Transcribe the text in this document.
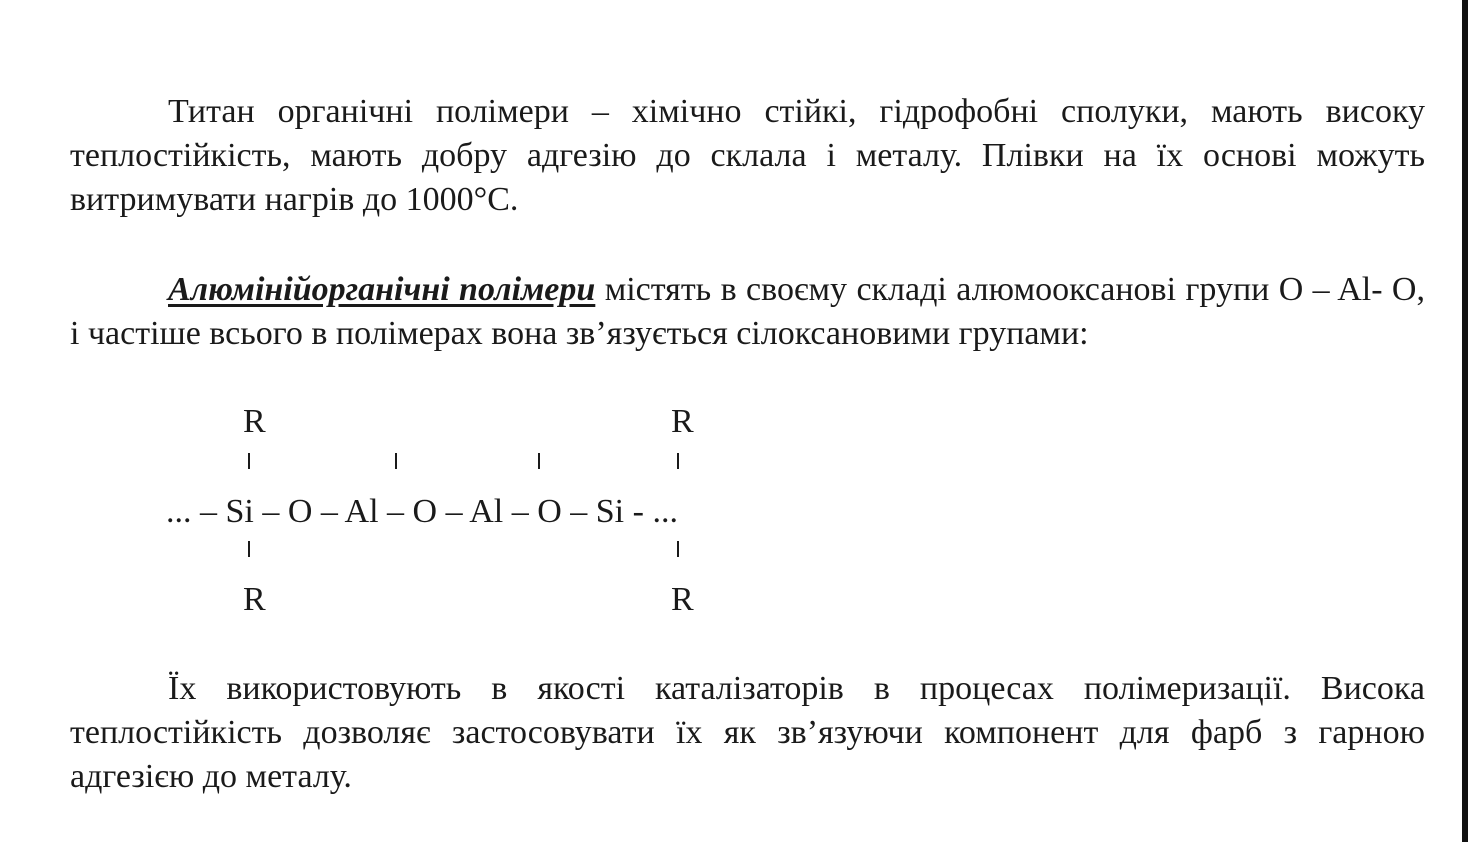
Титан органічні полімери – хімічно стійкі, гідрофобні сполуки, мають високу теплостійкість, мають добру адгезію до склала і металу. Плівки на їх основі можуть витримувати нагрів до 1000°C.

Алюмінійорганічні полімери містять в своєму складі алюмооксанові групи O – Al- O, і частіше всього в полімерах вона зв’язується сілоксановими групами:

R	R
... – Si – O – Al – O – Al – O – Si - ...
R	R

Їх використовують в якості каталізаторів в процесах полімеризації. Висока теплостійкість дозволяє застосовувати їх як зв’язуючи компонент для фарб з гарною адгезією до металу.
